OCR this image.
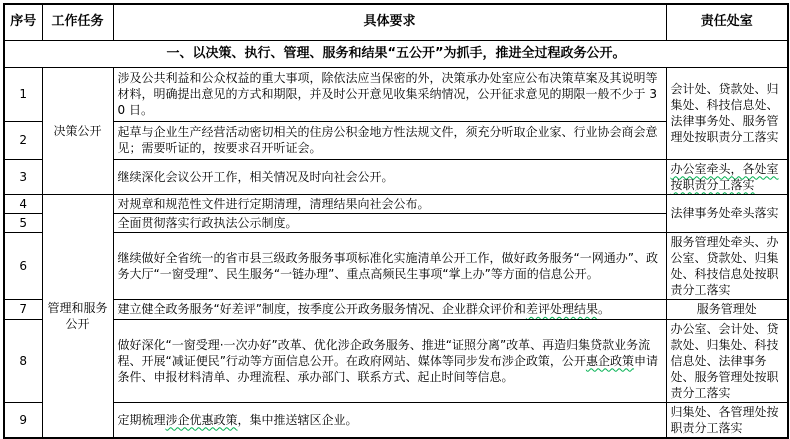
序号	工作任务	具体要求	责任处室
一、以决策、执行、管理、服务和结果“五公开”为抓手，推进全过程政务公开。			
1	决策公开	涉及公共利益和公众权益的重大事项，除依法应当保密的外，决策承办处室应公布决策草案及其说明等材料，明确提出意见的方式和期限，并及时公开意见收集采纳情况，公开征求意见的期限一般不少于 30 日。	会计处、贷款处、归集处、科技信息处、法律事务处、服务管理处按职责分工落实
2		起草与企业生产经营活动密切相关的住房公积金地方性法规文件，须充分听取企业家、行业协会商会意见；需要听证的，按要求召开听证会。	
3		继续深化会议公开工作，相关情况及时向社会公开。	办公室牵头，各处室按职责分工落实
4	管理和服务公开	对规章和规范性文件进行定期清理，清理结果向社会公布。	法律事务处牵头落实
5		全面贯彻落实行政执法公示制度。	
6		继续做好全省统一的省市县三级政务服务事项标准化实施清单公开工作，做好政务服务“一网通办”、政务大厅“一窗受理”、民生服务“一链办理”、重点高频民生事项“掌上办”等方面的信息公开。	服务管理处牵头、办公室、贷款处、归集处、科技信息处按职责分工落实
7		建立健全政务服务“好差评”制度，按季度公开政务服务情况、企业群众评价和差评处理结果。	服务管理处
8		做好深化“一窗受理·一次办好”改革、优化涉企政务服务、推进“证照分离”改革、再造归集贷款业务流程、开展“减证便民”行动等方面信息公开。在政府网站、媒体等同步发布涉企政策，公开惠企政策申请条件、申报材料清单、办理流程、承办部门、联系方式、起止时间等信息。	办公室、会计处、贷款处、归集处、科技信息处、法律事务处、服务管理处按职责分工落实
9		定期梳理涉企优惠政策，集中推送辖区企业。	归集处、各管理处按职责分工落实
